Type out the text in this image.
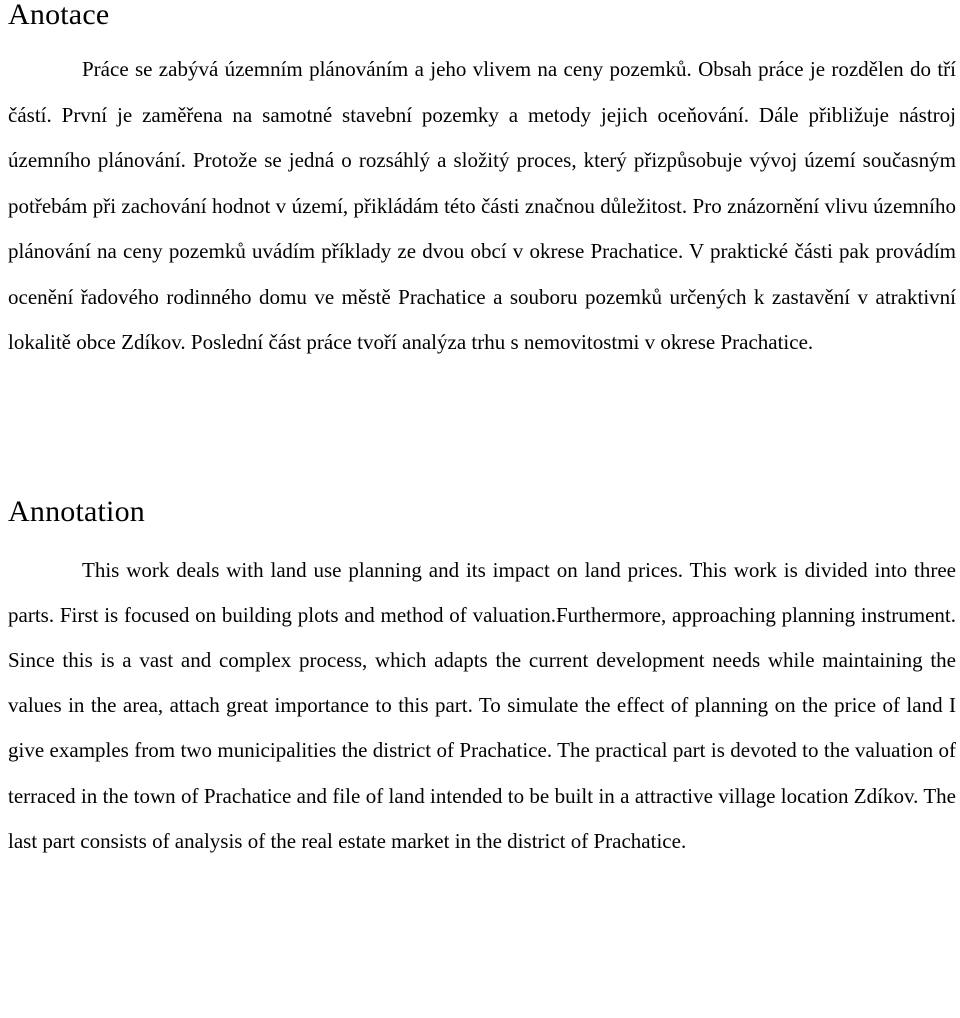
Anotace

Práce se zabývá územním plánováním a jeho vlivem na ceny pozemků. Obsah práce je rozdělen do tří částí. První je zaměřena na samotné stavební pozemky a metody jejich oceňování. Dále přibližuje nástroj územního plánování. Protože se jedná o rozsáhlý a složitý proces, který přizpůsobuje vývoj území současným potřebám při zachování hodnot v území, přikládám této části značnou důležitost. Pro znázornění vlivu územního plánování na ceny pozemků uvádím příklady ze dvou obcí v okrese Prachatice. V praktické části pak provádím ocenění řadového rodinného domu ve městě Prachatice a souboru pozemků určených k zastavění v atraktivní lokalitě obce Zdíkov. Poslední část práce tvoří analýza trhu s nemovitostmi v okrese Prachatice.

Annotation

This work deals with land use planning and its impact on land prices. This work is divided into three parts. First is focused on building plots and method of valuation.Furthermore, approaching planning instrument. Since this is a vast and complex process, which adapts the current development needs while maintaining the values in the area, attach great importance to this part. To simulate the effect of planning on the price of land I give examples from two municipalities the district of Prachatice. The practical part is devoted to the valuation of terraced in the town of Prachatice and file of land intended to be built in a attractive village location Zdíkov. The last part consists of analysis of the real estate market in the district of Prachatice.
